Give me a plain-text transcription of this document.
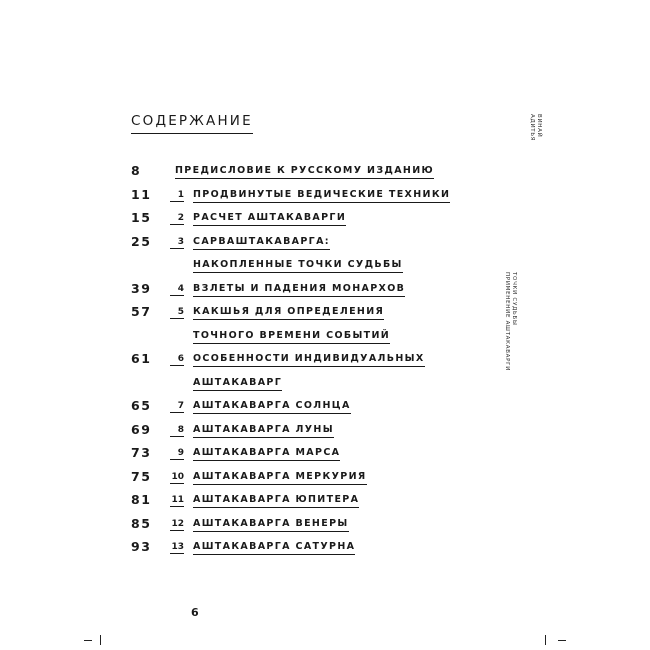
СОДЕРЖАНИЕ
8	ПРЕДИСЛОВИЕ К РУССКОМУ ИЗДАНИЮ
11	1 ПРОДВИНУТЫЕ ВЕДИЧЕСКИЕ ТЕХНИКИ
15	2 РАСЧЕТ АШТАКАВАРГИ
25	3 САРВАШТАКАВАРГА:
НАКОПЛЕННЫЕ ТОЧКИ СУДЬБЫ
39	4 ВЗЛЕТЫ И ПАДЕНИЯ МОНАРХОВ
57	5 КАКШЬЯ ДЛЯ ОПРЕДЕЛЕНИЯ
ТОЧНОГО ВРЕМЕНИ СОБЫТИЙ
61	6 ОСОБЕННОСТИ ИНДИВИДУАЛЬНЫХ
АШТАКАВАРГ
65	7 АШТАКАВАРГА СОЛНЦА
69	8 АШТАКАВАРГА ЛУНЫ
73	9 АШТАКАВАРГА МАРСА
75 10 АШТАКАВАРГА МЕРКУРИЯ
81 11 АШТАКАВАРГА ЮПИТЕРА
85 12 АШТАКАВАРГА ВЕНЕРЫ
93 13 АШТАКАВАРГА САТУРНА
ВИНАЙ
АДИТЬЯ
ТОЧКИ СУДЬБЫ
ПРИМЕНЕНИЕ АШТАКАВАРГИ
6
